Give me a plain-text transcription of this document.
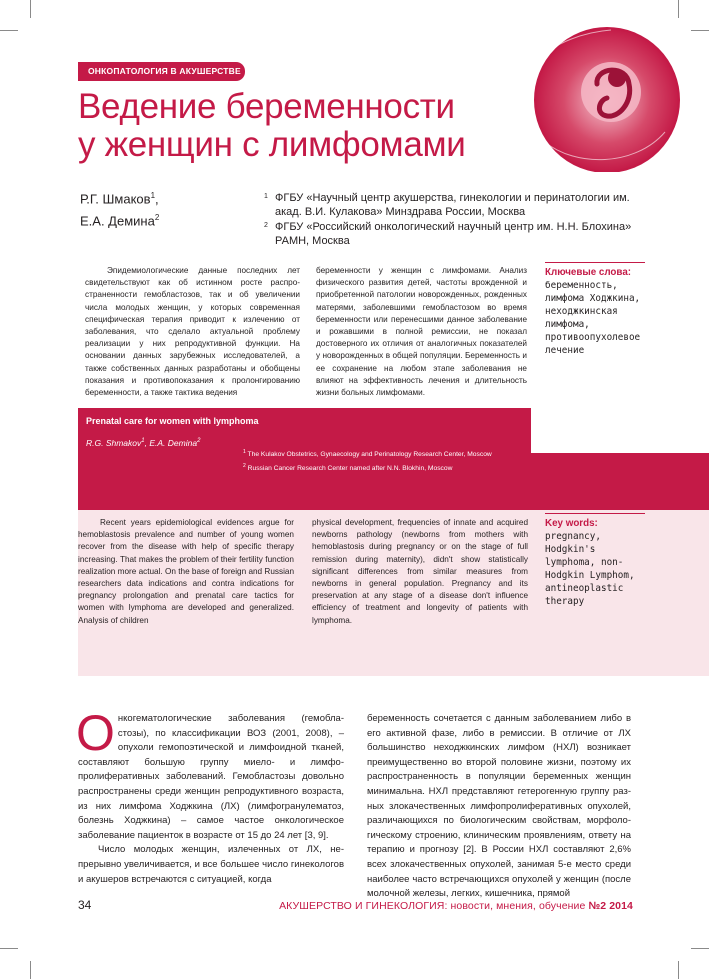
ОНКОПАТОЛОГИЯ В АКУШЕРСТВЕ
Ведение беременности
у женщин с лимфомами
Р.Г. Шмаков$^1$,
Е.А. Демина$^2$
1 ФГБУ «Научный центр акушерства, гинекологии и перинатологии им. акад. В.И. Кулакова» Минздрава России, Москва
2 ФГБУ «Российский онкологический научный центр им. Н.Н. Блохина» РАМН, Москва
Эпидемиологические данные последних лет свидетельствуют как об истинном росте распространенности гемобластозов, так и об увеличении числа молодых женщин, у которых современная специфическая терапия приводит к излечению от заболевания, что сделало актуальной проблему реализации у них репродуктивной функции. На основании данных зарубежных исследователей, а также собственных данных разработаны и обобщены показания и противопоказания к пролонгированию беременности, а также тактика ведения
беременности у женщин с лимфомами. Анализ физического развития детей, частоты врожденной и приобретенной патологии новорожденных, рожденных матерями, заболевшими гемобластозом во время беременности или перенесшими данное заболевание и рожавшими в полной ремиссии, не показал достоверного их отличия от аналогичных показателей у новорожденных в общей популяции. Беременность и ее сохранение на любом этапе заболевания не влияют на эффективность лечения и длительность жизни больных лимфомами.
Ключевые слова:
беременность,
лимфома Ходжкина,
неходжкинская
лимфома,
противоопухолевое
лечение
Prenatal care for women with lymphoma
R.G. Shmakov$^1$, E.A. Demina$^2$
$^1$ The Kulakov Obstetrics, Gynaecology and Perinatology Research Center, Moscow
$^2$ Russian Cancer Research Center named after N.N. Blokhin, Moscow
Recent years epidemiological evidences argue for hemoblastosis prevalence and number of young women recover from the disease with help of specific therapy increasing. That makes the problem of their fertility function realization more actual. On the base of foreign and Russian researchers data indications and contra indications for pregnancy prolongation and prenatal care tactics for women with lymphoma are developed and generalized. Analysis of children
physical development, frequencies of innate and acquired newborns pathology (newborns from mothers with hemoblastosis during pregnancy or on the stage of full remission during maternity), didn't show statistically significant differences from similar measures from newborns in general population. Pregnancy and its preservation at any stage of a disease don't influence efficiency of treatment and longevity of patients with lymphoma.
Key words:
pregnancy,
Hodgkin's
lymphoma, non-
Hodgkin Lymphom,
antineoplastic
therapy
О нкогематологические заболевания (гемобластозы), по классификации ВОЗ (2001, 2008), – опухоли гемопоэтической и лимфоидной тканей, составляют большую группу миело- и лимфопролиферативных заболеваний. Гемобластозы довольно распространены среди женщин репродуктивного возраста, из них лимфома Ходжкина (ЛХ) (лимфогранулематоз, болезнь Ходжкина) – самое частое онкологическое заболевание пациенток в возрасте от 15 до 24 лет [3, 9].

Число молодых женщин, излеченных от ЛХ, непрерывно увеличивается, и все большее число гинекологов и акушеров встречаются с ситуацией, когда

беременность сочетается с данным заболеванием либо в его активной фазе, либо в ремиссии. В отличие от ЛХ большинство неходжкинских лимфом (НХЛ) возникает преимущественно во второй половине жизни, поэтому их распространенность в популяции беременных женщин минимальна. НХЛ представляют гетерогенную группу разных злокачественных лимфопролиферативных опухолей, различающихся по биологическим свойствам, морфологическому строению, клиническим проявлениям, ответу на терапию и прогнозу [2]. В России НХЛ составляют 2,6% всех злокачественных опухолей, занимая 5-е место среди наиболее часто встречающихся опухолей у женщин (после молочной железы, легких, кишечника, прямой
34	АКУШЕРСТВО И ГИНЕКОЛОГИЯ: новости, мнения, обучение №2 2014
